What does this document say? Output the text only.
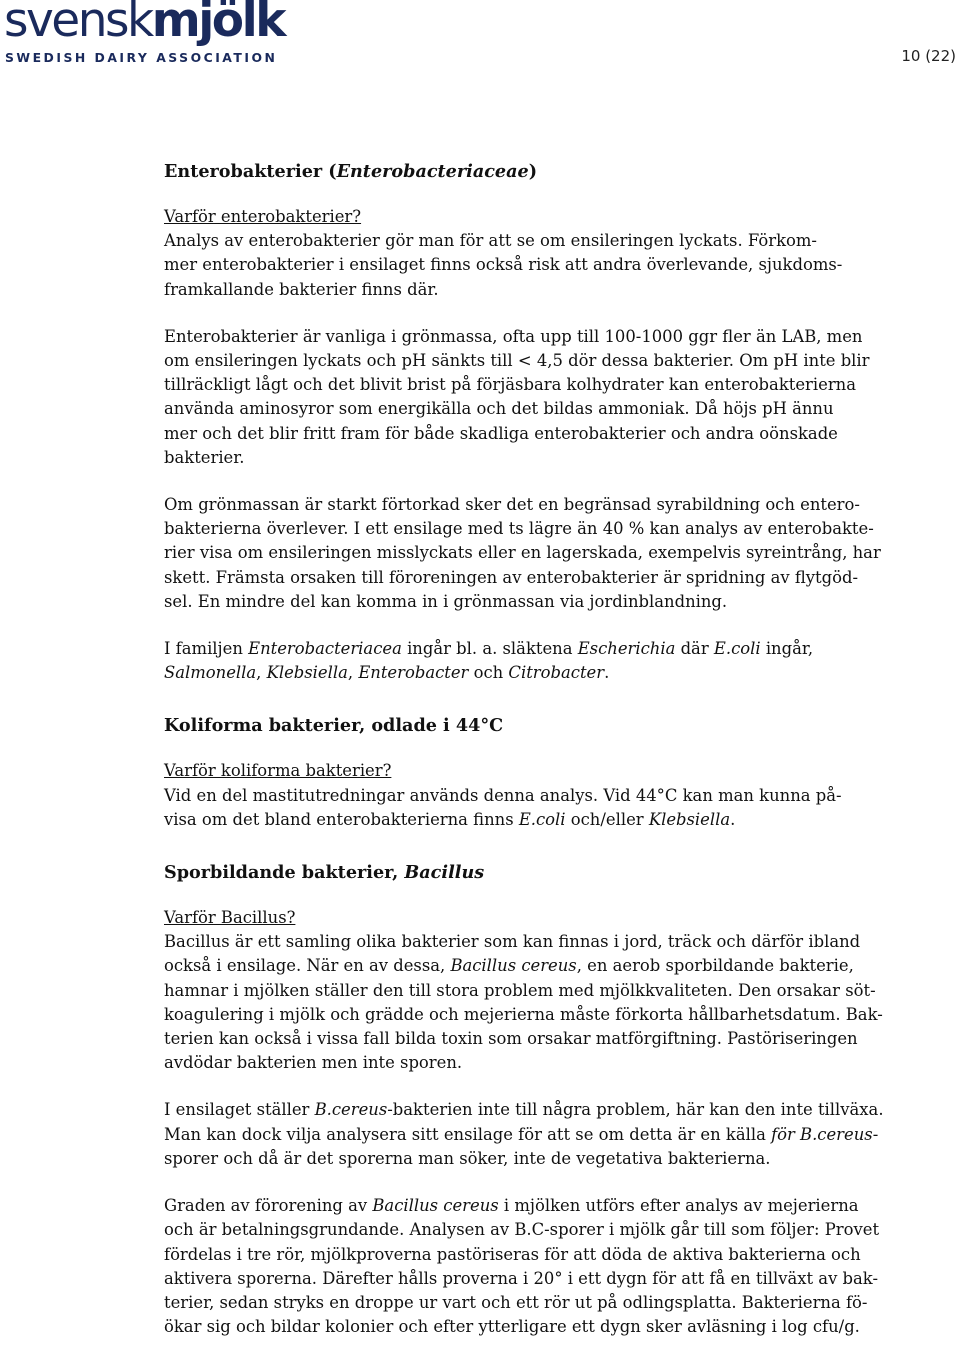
svenskmjölk
SWEDISH DAIRY ASSOCIATION	10 (22)
Enterobakterier (Enterobacteriaceae)

Varför enterobakterier?
Analys av enterobakterier gör man för att se om ensileringen lyckats. Förkom-
mer enterobakterier i ensilaget finns också risk att andra överlevande, sjukdoms-
framkallande bakterier finns där.

Enterobakterier är vanliga i grönmassa, ofta upp till 100-1000 ggr fler än LAB, men
om ensileringen lyckats och pH sänkts till < 4,5 dör dessa bakterier. Om pH inte blir
tillräckligt lågt och det blivit brist på förjäsbara kolhydrater kan enterobakterierna
använda aminosyror som energikälla och det bildas ammoniak. Då höjs pH ännu
mer och det blir fritt fram för både skadliga enterobakterier och andra oönskade
bakterier.

Om grönmassan är starkt förtorkad sker det en begränsad syrabildning och entero-
bakterierna överlever. I ett ensilage med ts lägre än 40 % kan analys av enterobakte-
rier visa om ensileringen misslyckats eller en lagerskada, exempelvis syreintrång, har
skett. Främsta orsaken till föroreningen av enterobakterier är spridning av flytgöd-
sel. En mindre del kan komma in i grönmassan via jordinblandning.

I familjen Enterobacteriacea ingår bl. a. släktena Escherichia där E.coli ingår,
Salmonella, Klebsiella, Enterobacter och Citrobacter.

Koliforma bakterier, odlade i 44°C

Varför koliforma bakterier?
Vid en del mastitutredningar används denna analys. Vid 44°C kan man kunna på-
visa om det bland enterobakterierna finns E.coli och/eller Klebsiella.

Sporbildande bakterier, Bacillus

Varför Bacillus?
Bacillus är ett samling olika bakterier som kan finnas i jord, träck och därför ibland
också i ensilage. När en av dessa, Bacillus cereus, en aerob sporbildande bakterie,
hamnar i mjölken ställer den till stora problem med mjölkkvaliteten. Den orsakar söt-
koagulering i mjölk och grädde och mejerierna måste förkorta hållbarhetsdatum. Bak-
terien kan också i vissa fall bilda toxin som orsakar matförgiftning. Pastöriseringen
avdödar bakterien men inte sporen.

I ensilaget ställer B.cereus-bakterien inte till några problem, här kan den inte tillväxa.
Man kan dock vilja analysera sitt ensilage för att se om detta är en källa för B.cereus-
sporer och då är det sporerna man söker, inte de vegetativa bakterierna.

Graden av förorening av Bacillus cereus i mjölken utförs efter analys av mejerierna
och är betalningsgrundande. Analysen av B.C-sporer i mjölk går till som följer: Provet
fördelas i tre rör, mjölkproverna pastöriseras för att döda de aktiva bakterierna och
aktivera sporerna. Därefter hålls proverna i 20° i ett dygn för att få en tillväxt av bak-
terier, sedan stryks en droppe ur vart och ett rör ut på odlingsplatta. Bakterierna fö-
ökar sig och bildar kolonier och efter ytterligare ett dygn sker avläsning i log cfu/g.
